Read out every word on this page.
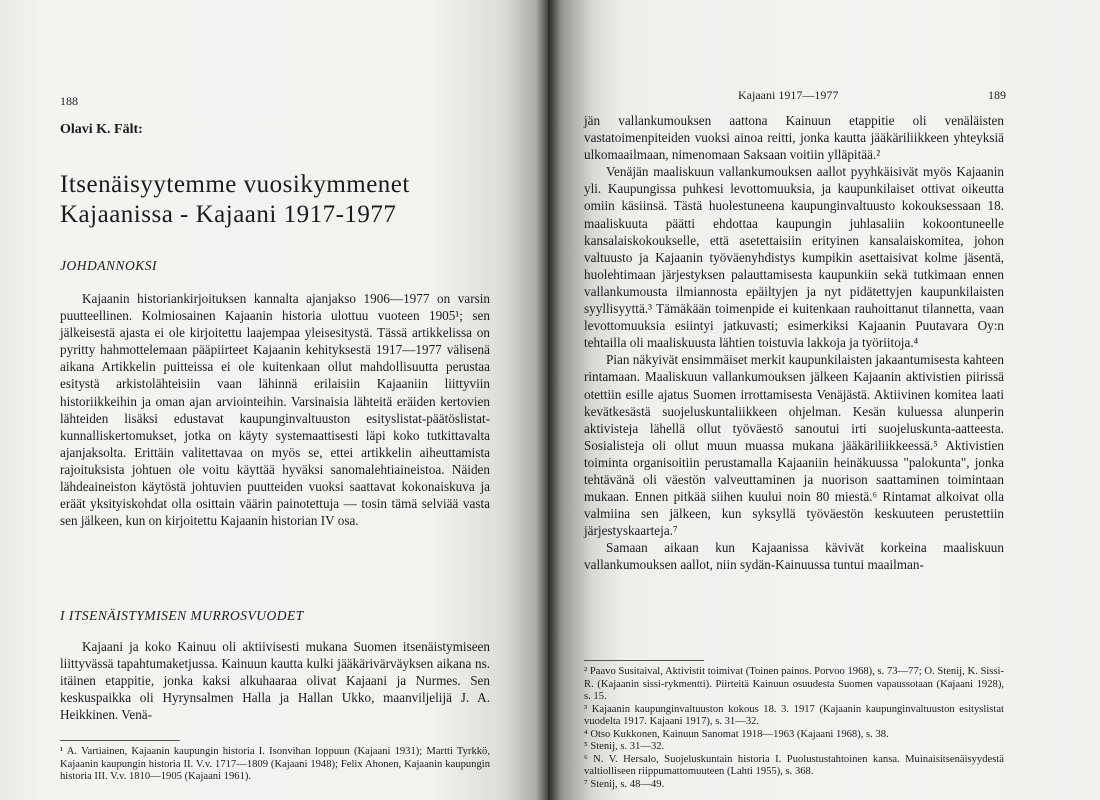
188
Olavi K. Fält:
Itsenäisyytemme vuosikymmenet
Kajaanissa - Kajaani 1917-1977
JOHDANNOKSI

Kajaanin historiankirjoituksen kannalta ajanjakso 1906—1977 on varsin puutteellinen. Kolmiosainen Kajaanin historia ulottuu vuoteen 1905¹; sen jälkeisestä ajasta ei ole kirjoitettu laajempaa yleisesitystä. Tässä artikkelissa on pyritty hahmottelemaan pääpiirteet Kajaanin kehityksestä 1917—1977 välisenä aikana Artikkelin puitteissa ei ole kuitenkaan ollut mahdollisuutta perustaa esitystä arkistolähteisiin vaan lähinnä erilaisiin Kajaaniin liittyviin historiikkeihin ja oman ajan arviointeihin. Varsinaisia lähteitä eräiden kertovien lähteiden lisäksi edustavat kaupunginvaltuuston esityslistat-päätöslistat-kunnalliskertomukset, jotka on käyty systemaattisesti läpi koko tutkittavalta ajanjaksolta. Erittäin valitettavaa on myös se, ettei artikkelin aiheuttamista rajoituksista johtuen ole voitu käyttää hyväksi sanomalehtiaineistoa. Näiden lähdeaineiston käytöstä johtuvien puutteiden vuoksi saattavat kokonaiskuva ja eräät yksityiskohdat olla osittain väärin painotettuja — tosin tämä selviää vasta sen jälkeen, kun on kirjoitettu Kajaanin historian IV osa.

I ITSENÄISTYMISEN MURROSVUODET

Kajaani ja koko Kainuu oli aktiivisesti mukana Suomen itsenäistymiseen liittyvässä tapahtumaketjussa. Kainuun kautta kulki jääkärivärväyksen aikana ns. itäinen etappitie, jonka kaksi alkuhaaraa olivat Kajaani ja Nurmes. Sen keskuspaikka oli Hyrynsalmen Halla ja Hallan Ukko, maanviljelijä J. A. Heikkinen. Venä-

¹ A. Vartiainen, Kajaanin kaupungin historia I. Isonvihan loppuun (Kajaani 1931); Martti Tyrkkö, Kajaanin kaupungin historia II. V.v. 1717—1809 (Kajaani 1948); Felix Ahonen, Kajaanin kaupungin historia III. V.v. 1810—1905 (Kajaani 1961).

Kajaani 1917—1977	189

jän vallankumouksen aattona Kainuun etappitie oli venäläisten vastatoimenpiteiden vuoksi ainoa reitti, jonka kautta jääkäriliikkeen yhteyksiä ulkomaailmaan, nimenomaan Saksaan voitiin ylläpitää.²

Venäjän maaliskuun vallankumouksen aallot pyyhkäisivät myös Kajaanin yli. Kaupungissa puhkesi levottomuuksia, ja kaupunkilaiset ottivat oikeutta omiin käsiinsä. Tästä huolestuneena kaupunginvaltuusto kokouksessaan 18. maaliskuuta päätti ehdottaa kaupungin juhlasaliin kokoontuneelle kansalaiskokoukselle, että asetettaisiin erityinen kansalaiskomitea, johon valtuusto ja Kajaanin työväenyhdistys kumpikin asettaisivat kolme jäsentä, huolehtimaan järjestyksen palauttamisesta kaupunkiin sekä tutkimaan ennen vallankumousta ilmiannosta epäiltyjen ja nyt pidätettyjen kaupunkilaisten syyllisyyttä.³ Tämäkään toimenpide ei kuitenkaan rauhoittanut tilannetta, vaan levottomuuksia esiintyi jatkuvasti; esimerkiksi Kajaanin Puutavara Oy:n tehtailla oli maaliskuusta lähtien toistuvia lakkoja ja työriitoja.⁴

Pian näkyivät ensimmäiset merkit kaupunkilaisten jakaantumisesta kahteen rintamaan. Maaliskuun vallankumouksen jälkeen Kajaanin aktivistien piirissä otettiin esille ajatus Suomen irrottamisesta Venäjästä. Aktiivinen komitea laati kevätkesästä suojeluskuntaliikkeen ohjelman. Kesän kuluessa alunperin aktivisteja lähellä ollut työväestö sanoutui irti suojeluskunta-aatteesta. Sosialisteja oli ollut muun muassa mukana jääkäriliikkeessä.⁵ Aktivistien toiminta organisoitiin perustamalla Kajaaniin heinäkuussa "palokunta", jonka tehtävänä oli väestön valveuttaminen ja nuorison saattaminen toimintaan mukaan. Ennen pitkää siihen kuului noin 80 miestä.⁶ Rintamat alkoivat olla valmiina sen jälkeen, kun syksyllä työväestön keskuuteen perustettiin järjestyskaarteja.⁷

Samaan aikaan kun Kajaanissa kävivät korkeina maaliskuun vallankumouksen aallot, niin sydän-Kainuussa tuntui maailman-

² Paavo Susitaival, Aktivistit toimivat (Toinen painos. Porvoo 1968), s. 73—77; O. Stenij, K. Sissi-R. (Kajaanin sissi-rykmentti). Piirteitä Kainuun osuudesta Suomen vapaussotaan (Kajaani 1928), s. 15.

³ Kajaanin kaupunginvaltuuston kokous 18. 3. 1917 (Kajaanin kaupunginvaltuuston esityslistat vuodelta 1917. Kajaani 1917), s. 31—32.

⁴ Otso Kukkonen, Kainuun Sanomat 1918—1963 (Kajaani 1968), s. 38.

⁵ Stenij, s. 31—32.

⁶ N. V. Hersalo, Suojeluskuntain historia I. Puolustustahtoinen kansa. Muinaisitsenäisyydestä valtiolliseen riippumattomuuteen (Lahti 1955), s. 368.

⁷ Stenij, s. 48—49.
